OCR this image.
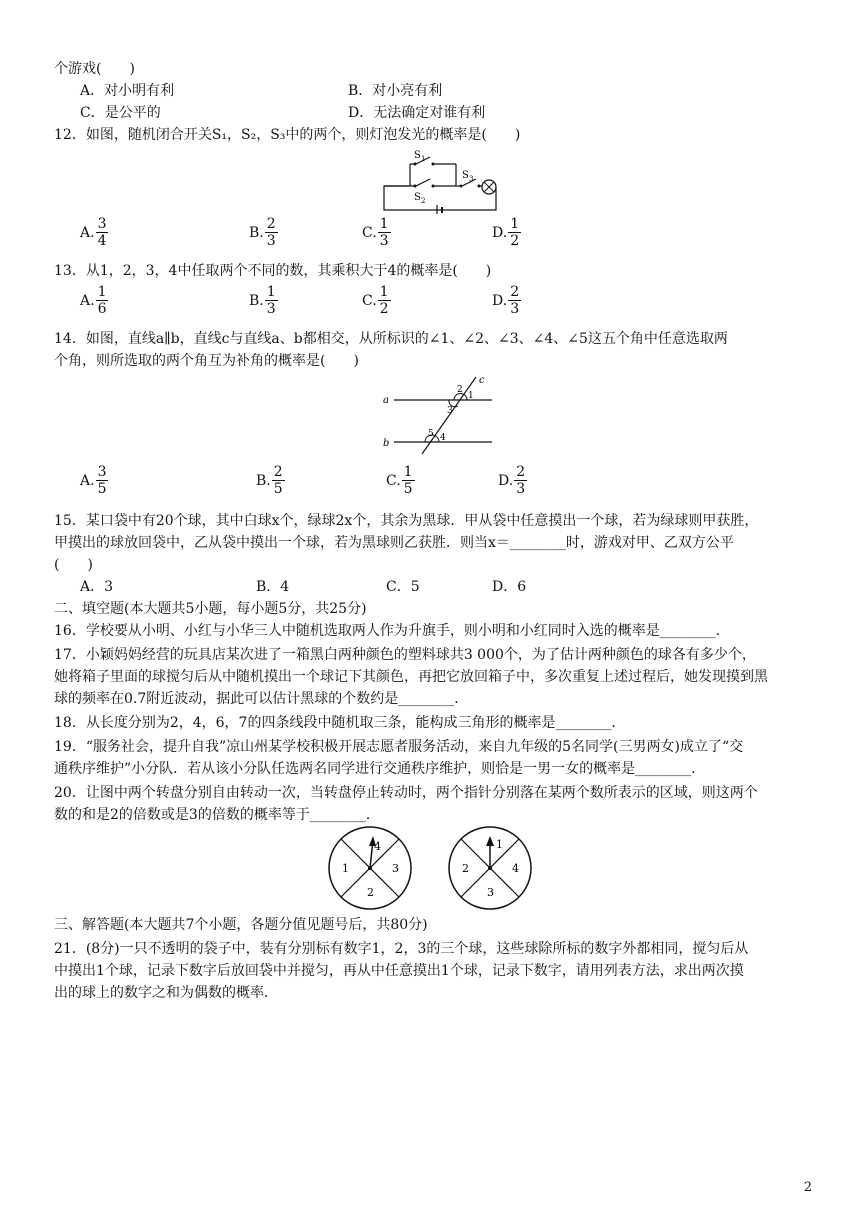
个游戏(　　)
A．对小明有利	B．对小亮有利
C．是公平的	D．无法确定对谁有利
12．如图，随机闭合开关S₁，S₂，S₃中的两个，则灯泡发光的概率是(　　)
S 1
S 2
S 3
A. $\frac{3}{4}$	B. $\frac{2}{3}$	C. $\frac{1}{3}$	D. $\frac{1}{2}$
13．从1，2，3，4中任取两个不同的数，其乘积大于4的概率是(　　)
A. $\frac{1}{6}$	B. $\frac{1}{3}$	C. $\frac{1}{2}$	D. $\frac{2}{3}$
14．如图，直线a∥b，直线c与直线a、b都相交，从所标识的∠1、∠2、∠3、∠4、∠5这五个角中任意选取两
个角，则所选取的两个角互为补角的概率是(　　)
a
b
c
1
2
3
4
5
A. $\frac{3}{5}$	B. $\frac{2}{5}$	C. $\frac{1}{5}$	D. $\frac{2}{3}$
15．某口袋中有20个球，其中白球x个，绿球2x个，其余为黑球．甲从袋中任意摸出一个球，若为绿球则甲获胜，
甲摸出的球放回袋中，乙从袋中摸出一个球，若为黑球则乙获胜．则当x＝________时，游戏对甲、乙双方公平
(　　)
A．3	B．4	C．5	D．6
二、填空题(本大题共5小题，每小题5分，共25分)
16．学校要从小明、小红与小华三人中随机选取两人作为升旗手，则小明和小红同时入选的概率是________．
17．小颖妈妈经营的玩具店某次进了一箱黑白两种颜色的塑料球共3 000个，为了估计两种颜色的球各有多少个，
她将箱子里面的球搅匀后从中随机摸出一个球记下其颜色，再把它放回箱子中，多次重复上述过程后，她发现摸到黑
球的频率在0.7附近波动，据此可以估计黑球的个数约是________．
18．从长度分别为2，4，6，7的四条线段中随机取三条，能构成三角形的概率是________．
19．“服务社会，提升自我”凉山州某学校积极开展志愿者服务活动，来自九年级的5名同学(三男两女)成立了“交
通秩序维护”小分队．若从该小分队任选两名同学进行交通秩序维护，则恰是一男一女的概率是________．
20．让图中两个转盘分别自由转动一次，当转盘停止转动时，两个指针分别落在某两个数所表示的区域，则这两个
数的和是2的倍数或是3的倍数的概率等于________．
4
1	3
2
1
2	4
3
三、解答题(本大题共7个小题，各题分值见题号后，共80分)
21．(8分)一只不透明的袋子中，装有分别标有数字1，2，3的三个球，这些球除所标的数字外都相同，搅匀后从
中摸出1个球，记录下数字后放回袋中并搅匀，再从中任意摸出1个球，记录下数字，请用列表方法，求出两次摸
出的球上的数字之和为偶数的概率．
2
